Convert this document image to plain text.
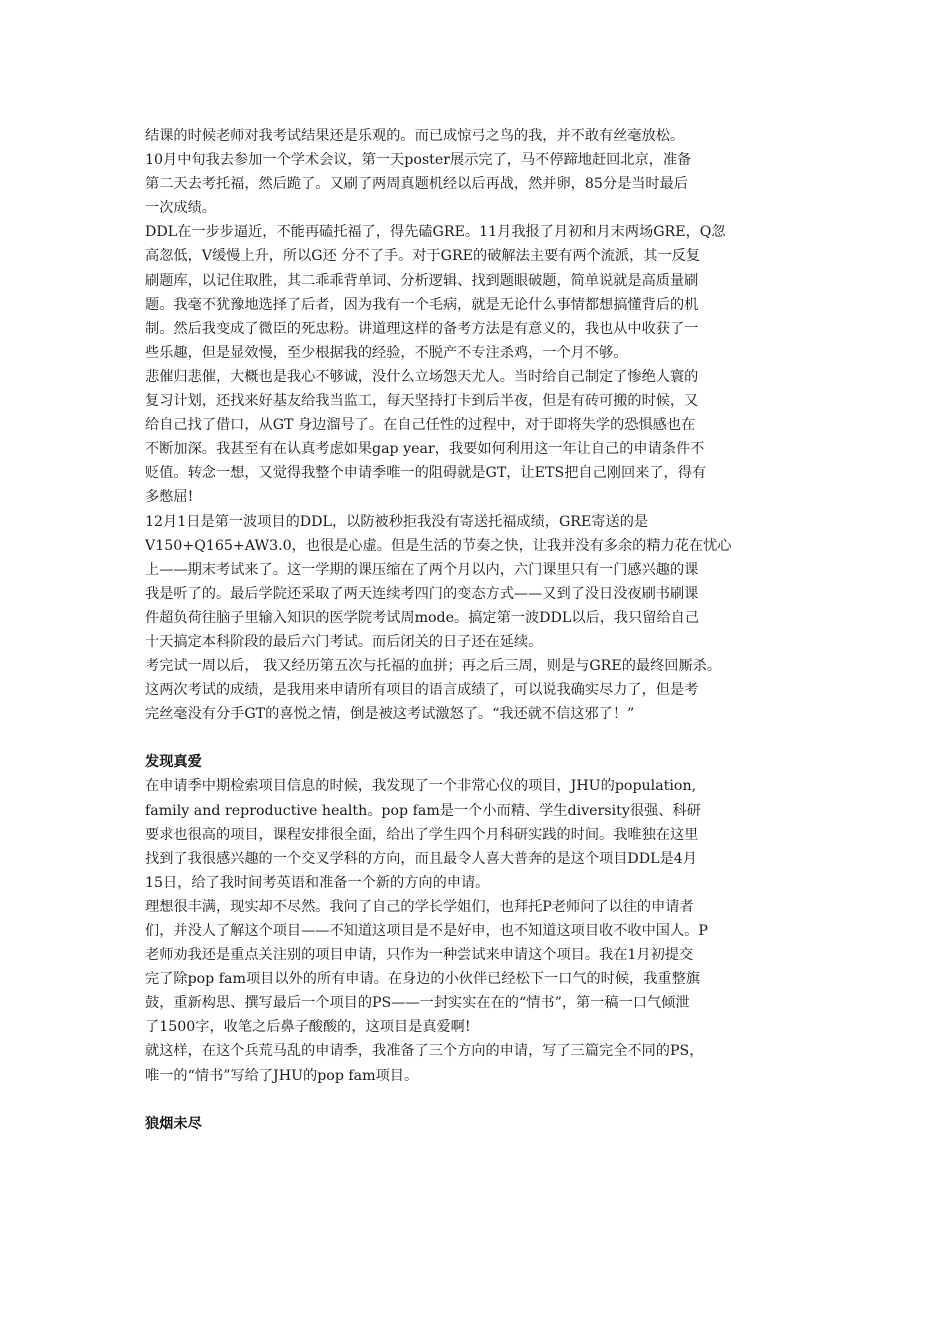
结课的时候老师对我考试结果还是乐观的。而已成惊弓之鸟的我，并不敢有丝毫放松。

10月中旬我去参加一个学术会议，第一天poster展示完了，马不停蹄地赶回北京，准备
第二天去考托福，然后跪了。又刷了两周真题机经以后再战，然并卵，85分是当时最后
一次成绩。

DDL在一步步逼近，不能再磕托福了，得先磕GRE。11月我报了月初和月末两场GRE，Q忽
高忽低，V缓慢上升，所以G还 分不了手。对于GRE的破解法主要有两个流派，其一反复
刷题库，以记住取胜，其二乖乖背单词、分析逻辑、找到题眼破题，简单说就是高质量刷
题。我毫不犹豫地选择了后者，因为我有一个毛病，就是无论什么事情都想搞懂背后的机
制。然后我变成了微臣的死忠粉。讲道理这样的备考方法是有意义的，我也从中收获了一
些乐趣，但是显效慢，至少根据我的经验，不脱产不专注杀鸡，一个月不够。

悲催归悲催，大概也是我心不够诚，没什么立场怨天尤人。当时给自己制定了惨绝人寰的
复习计划，还找来好基友给我当监工，每天坚持打卡到后半夜，但是有砖可搬的时候，又
给自己找了借口，从GT 身边溜号了。在自己任性的过程中，对于即将失学的恐惧感也在
不断加深。我甚至有在认真考虑如果gap year，我要如何利用这一年让自己的申请条件不
贬值。转念一想，又觉得我整个申请季唯一的阻碍就是GT，让ETS把自己刚回来了，得有
多憋屈!

12月1日是第一波项目的DDL，以防被秒拒我没有寄送托福成绩，GRE寄送的是
V150+Q165+AW3.0，也很是心虚。但是生活的节奏之快，让我并没有多余的精力花在忧心
上——期末考试来了。这一学期的课压缩在了两个月以内，六门课里只有一门感兴趣的课
我是听了的。最后学院还采取了两天连续考四门的变态方式——又到了没日没夜刷书刷课
件超负荷往脑子里输入知识的医学院考试周mode。搞定第一波DDL以后，我只留给自己
十天搞定本科阶段的最后六门考试。而后闭关的日子还在延续。

考完试一周以后， 我又经历第五次与托福的血拼；再之后三周，则是与GRE的最终回厮杀。
这两次考试的成绩，是我用来申请所有项目的语言成绩了，可以说我确实尽力了，但是考
完丝毫没有分手GT的喜悦之情，倒是被这考试激怒了。“我还就不信这邪了！”

发现真爱

在申请季中期检索项目信息的时候，我发现了一个非常心仪的项目，JHU的population,
family and reproductive health。pop fam是一个小而精、学生diversity很强、科研
要求也很高的项目，课程安排很全面，给出了学生四个月科研实践的时间。我唯独在这里
找到了我很感兴趣的一个交叉学科的方向，而且最令人喜大普奔的是这个项目DDL是4月
15日，给了我时间考英语和准备一个新的方向的申请。

理想很丰满，现实却不尽然。我问了自己的学长学姐们，也拜托P老师问了以往的申请者
们，并没人了解这个项目——不知道这项目是不是好申，也不知道这项目收不收中国人。P
老师劝我还是重点关注别的项目申请，只作为一种尝试来申请这个项目。我在1月初提交
完了除pop fam项目以外的所有申请。在身边的小伙伴已经松下一口气的时候，我重整旗
鼓，重新构思、撰写最后一个项目的PS——一封实实在在的“情书”，第一稿一口气倾泄
了1500字，收笔之后鼻子酸酸的，这项目是真爱啊!

就这样，在这个兵荒马乱的申请季，我准备了三个方向的申请，写了三篇完全不同的PS，
唯一的“情书”写给了JHU的pop fam项目。

狼烟未尽
